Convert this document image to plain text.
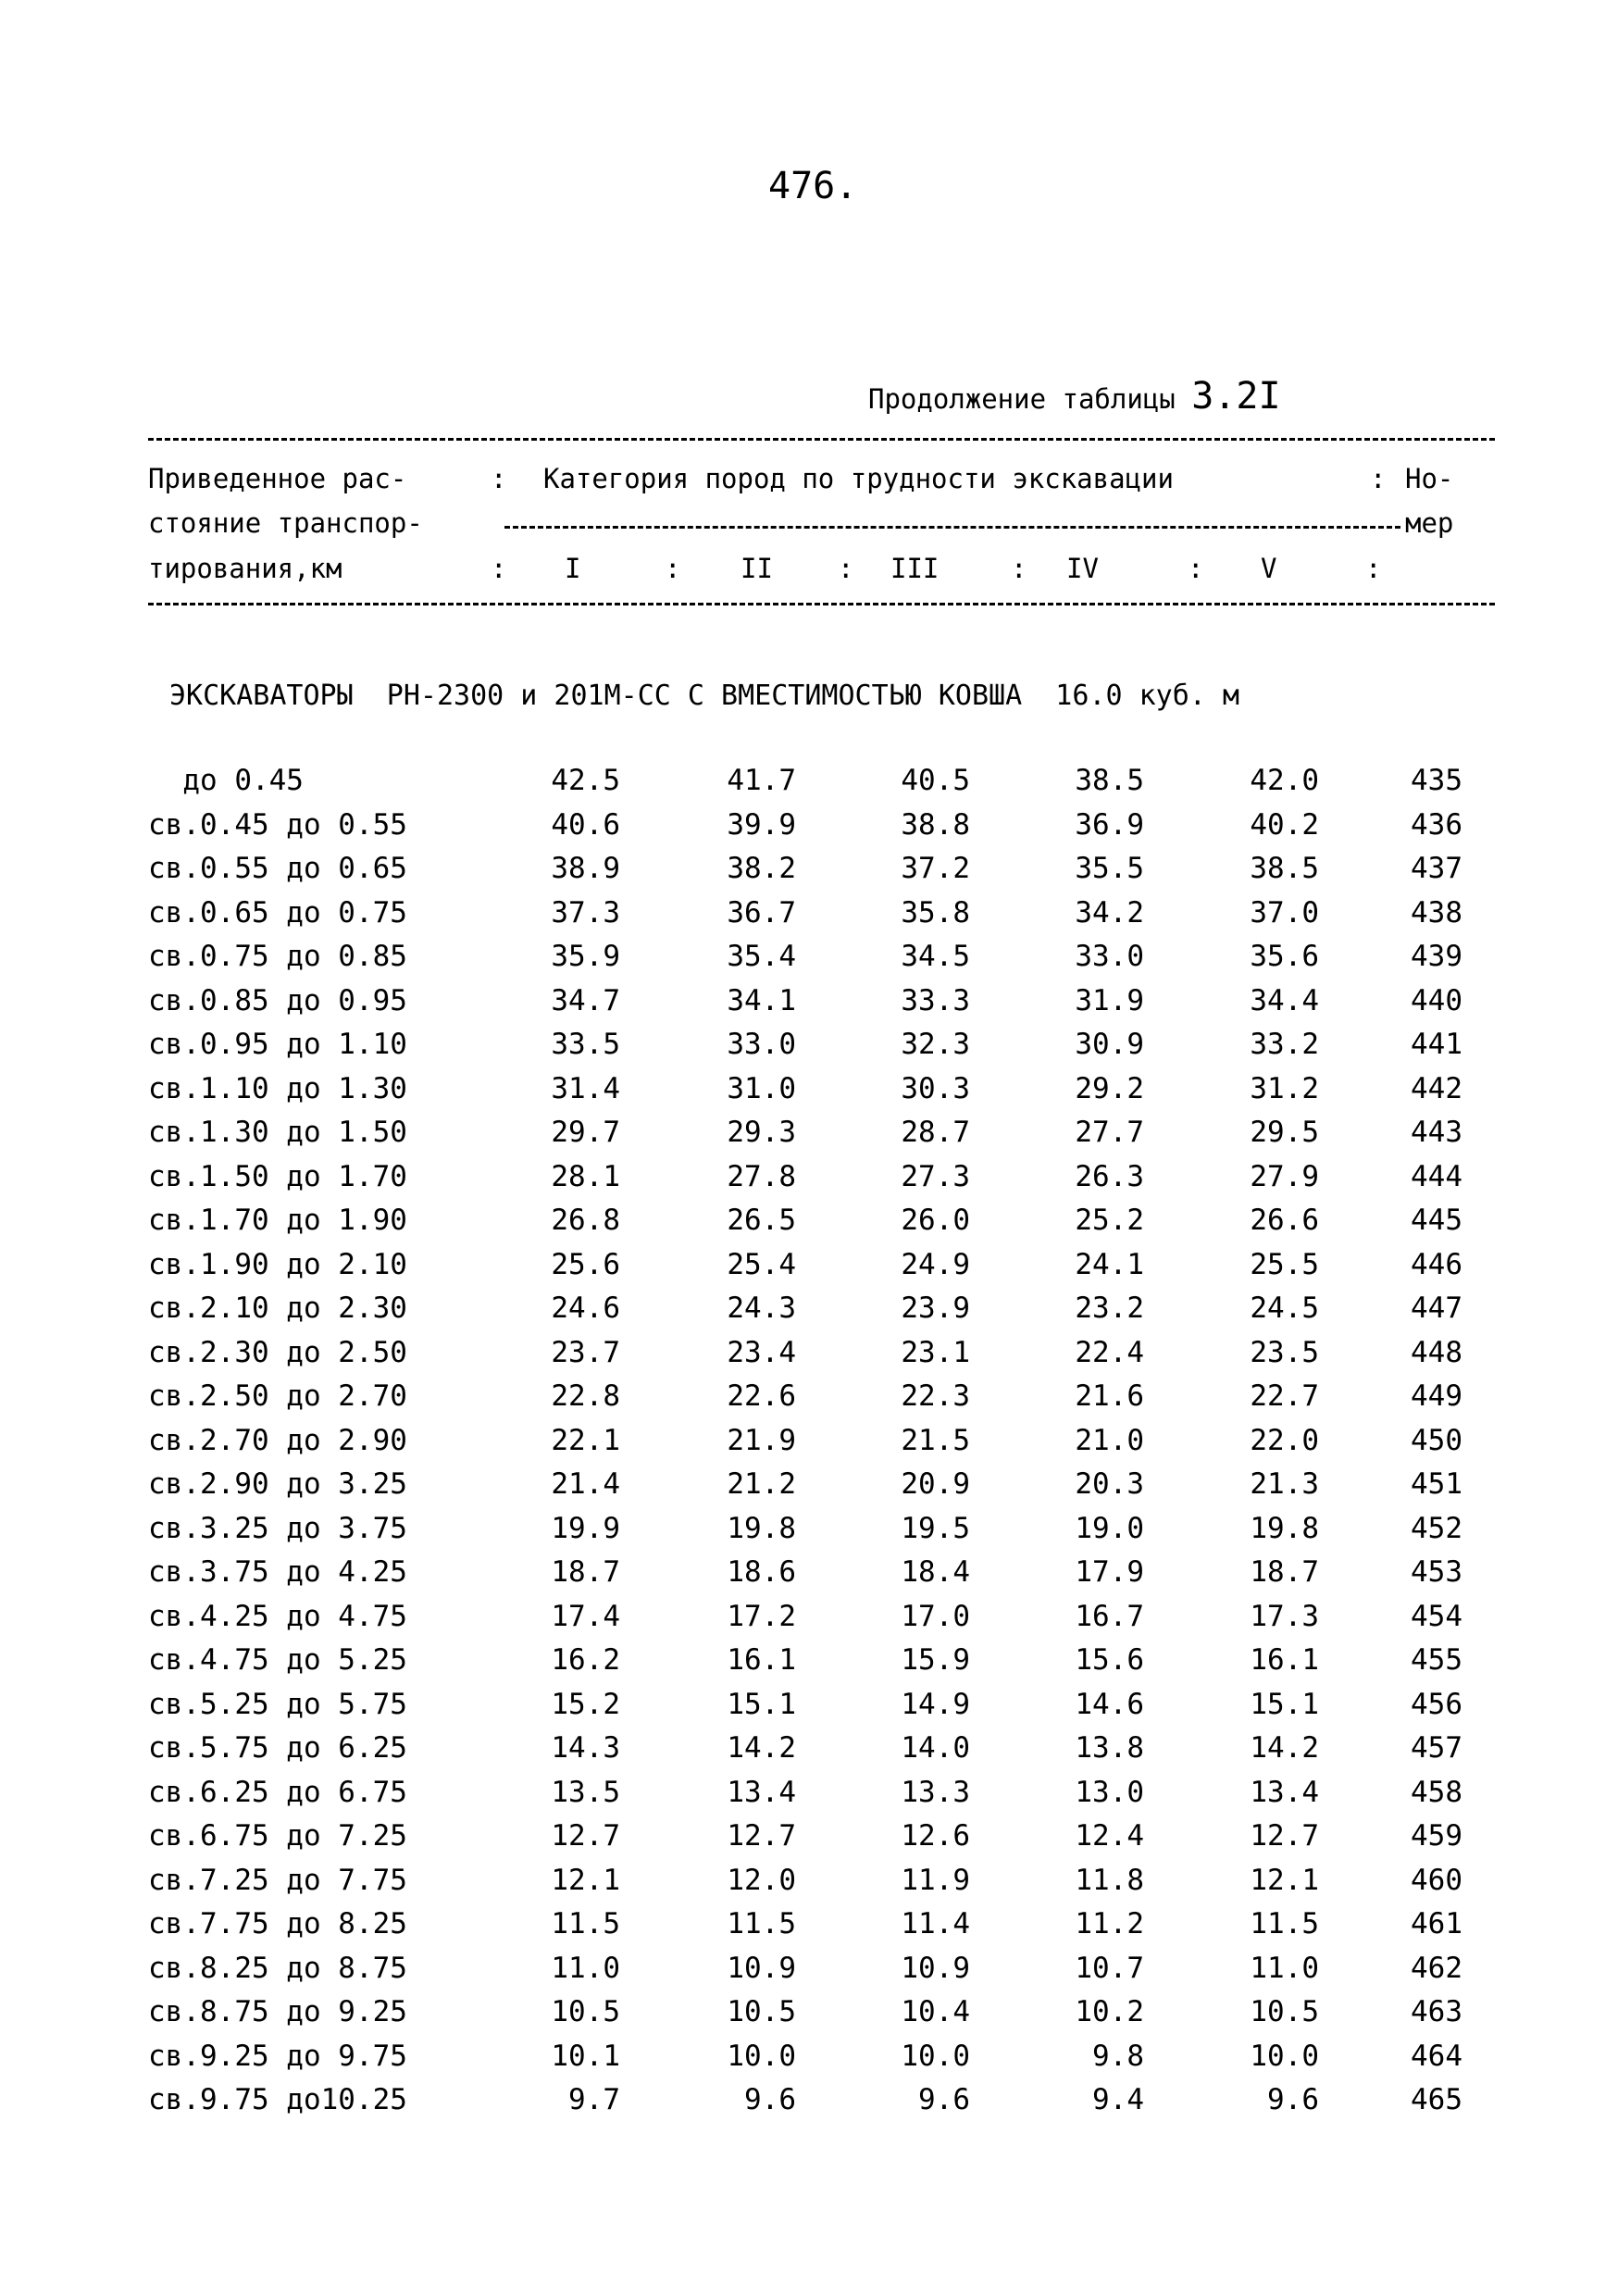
476.
Продолжение таблицы 3.2I
Приведенное рас-	: Категория пород по трудности экскавации	: Но-
стояние транспор-	мер
тирования,км	: I	: II : III	: IV	: V	:
ЭКСКАВАТОРЫ  РН-2300 и 201М-СС С ВМЕСТИМОСТЬЮ КОВША  16.0 куб. м
до 0.45	42.5	41.7	40.5	38.5	42.0	435
св.0.45 до 0.55	40.6	39.9	38.8	36.9	40.2	436
св.0.55 до 0.65	38.9	38.2	37.2	35.5	38.5	437
св.0.65 до 0.75	37.3	36.7	35.8	34.2	37.0	438
св.0.75 до 0.85	35.9	35.4	34.5	33.0	35.6	439
св.0.85 до 0.95	34.7	34.1	33.3	31.9	34.4	440
св.0.95 до 1.10	33.5	33.0	32.3	30.9	33.2	441
св.1.10 до 1.30	31.4	31.0	30.3	29.2	31.2	442
св.1.30 до 1.50	29.7	29.3	28.7	27.7	29.5	443
св.1.50 до 1.70	28.1	27.8	27.3	26.3	27.9	444
св.1.70 до 1.90	26.8	26.5	26.0	25.2	26.6	445
св.1.90 до 2.10	25.6	25.4	24.9	24.1	25.5	446
св.2.10 до 2.30	24.6	24.3	23.9	23.2	24.5	447
св.2.30 до 2.50	23.7	23.4	23.1	22.4	23.5	448
св.2.50 до 2.70	22.8	22.6	22.3	21.6	22.7	449
св.2.70 до 2.90	22.1	21.9	21.5	21.0	22.0	450
св.2.90 до 3.25	21.4	21.2	20.9	20.3	21.3	451
св.3.25 до 3.75	19.9	19.8	19.5	19.0	19.8	452
св.3.75 до 4.25	18.7	18.6	18.4	17.9	18.7	453
св.4.25 до 4.75	17.4	17.2	17.0	16.7	17.3	454
св.4.75 до 5.25	16.2	16.1	15.9	15.6	16.1	455
св.5.25 до 5.75	15.2	15.1	14.9	14.6	15.1	456
св.5.75 до 6.25	14.3	14.2	14.0	13.8	14.2	457
св.6.25 до 6.75	13.5	13.4	13.3	13.0	13.4	458
св.6.75 до 7.25	12.7	12.7	12.6	12.4	12.7	459
св.7.25 до 7.75	12.1	12.0	11.9	11.8	12.1	460
св.7.75 до 8.25	11.5	11.5	11.4	11.2	11.5	461
св.8.25 до 8.75	11.0	10.9	10.9	10.7	11.0	462
св.8.75 до 9.25	10.5	10.5	10.4	10.2	10.5	463
св.9.25 до 9.75	10.1	10.0	10.0	9.8	10.0	464
св.9.75 до10.25	9.7	9.6	9.6	9.4	9.6	465
